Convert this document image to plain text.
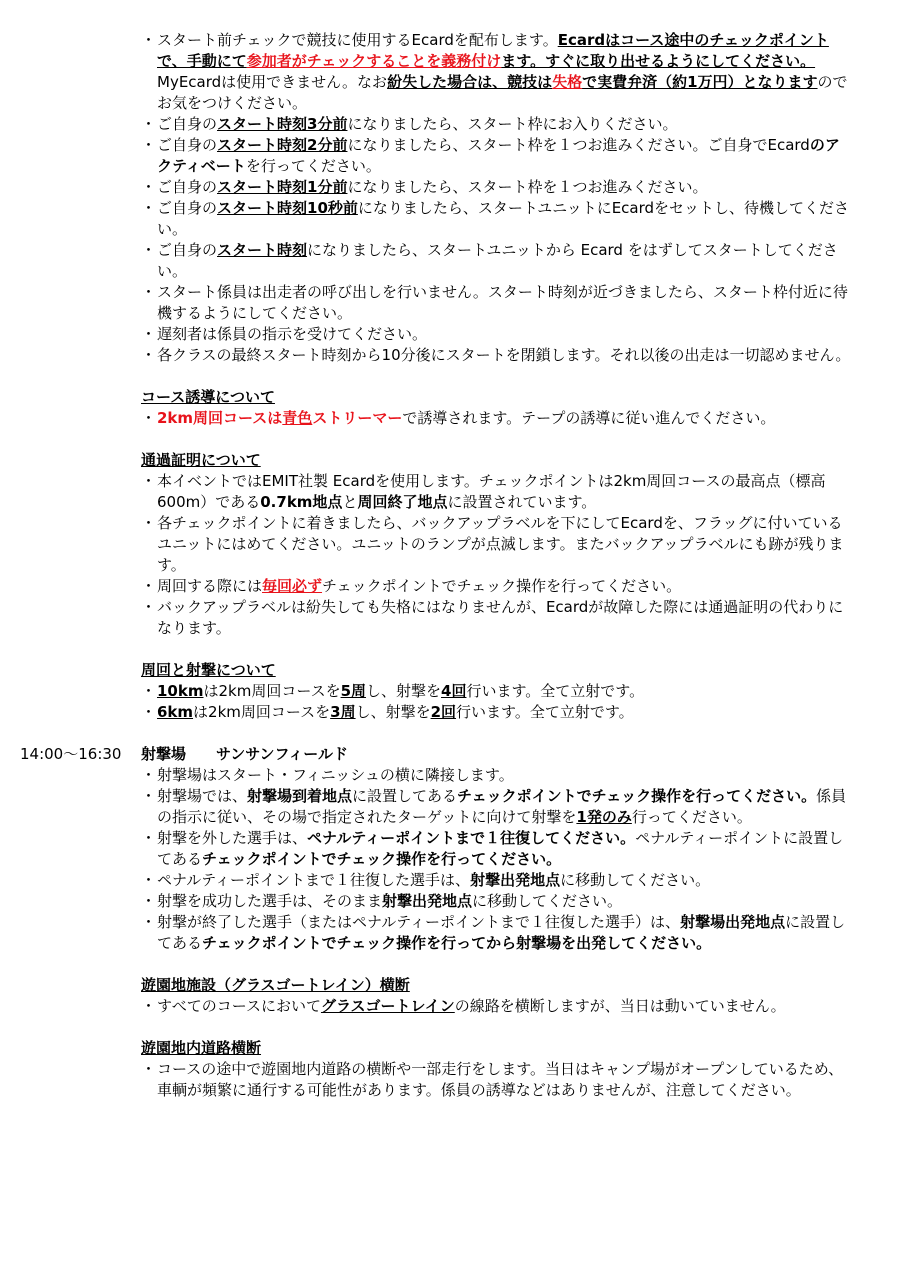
・ スタート前チェックで競技に使用するEcardを配布します。Ecardはコース途中のチェックポイントで、手動にて参加者がチェックすることを義務付けます。すぐに取り出せるようにしてください。MyEcardは使用できません。なお紛失した場合は、競技は失格で実費弁済（約1万円）となりますのでお気をつけください。
・ ご自身のスタート時刻3分前になりましたら、スタート枠にお入りください。
・ ご自身のスタート時刻2分前になりましたら、スタート枠を１つお進みください。ご自身でEcardのアクティベートを行ってください。
・ ご自身のスタート時刻1分前になりましたら、スタート枠を１つお進みください。
・ ご自身のスタート時刻10秒前になりましたら、スタートユニットにEcardをセットし、待機してください。
・ ご自身のスタート時刻になりましたら、スタートユニットから Ecard をはずしてスタートしてください。
・ スタート係員は出走者の呼び出しを行いません。スタート時刻が近づきましたら、スタート枠付近に待機するようにしてください。
・ 遅刻者は係員の指示を受けてください。
・ 各クラスの最終スタート時刻から10分後にスタートを閉鎖します。それ以後の出走は一切認めません。
コース誘導について
・ 2km周回コースは青色ストリーマーで誘導されます。テープの誘導に従い進んでください。
通過証明について
・ 本イベントではEMIT社製 Ecardを使用します。チェックポイントは2km周回コースの最高点（標高600m）である0.7km地点と周回終了地点に設置されています。
・ 各チェックポイントに着きましたら、バックアップラベルを下にしてEcardを、フラッグに付いているユニットにはめてください。ユニットのランプが点滅します。またバックアップラベルにも跡が残ります。
・ 周回する際には毎回必ずチェックポイントでチェック操作を行ってください。
・ バックアップラベルは紛失しても失格にはなりませんが、Ecardが故障した際には通過証明の代わりになります。
周回と射撃について
・ 10kmは2km周回コースを5周し、射撃を4回行います。全て立射です。
・ 6kmは2km周回コースを3周し、射撃を2回行います。全て立射です。
14:00～16:30	射撃場　　サンサンフィールド
・ 射撃場はスタート・フィニッシュの横に隣接します。
・ 射撃場では、射撃場到着地点に設置してあるチェックポイントでチェック操作を行ってください。係員の指示に従い、その場で指定されたターゲットに向けて射撃を1発のみ行ってください。
・ 射撃を外した選手は、ペナルティーポイントまで１往復してください。ペナルティーポイントに設置してあるチェックポイントでチェック操作を行ってください。
・ ペナルティーポイントまで１往復した選手は、射撃出発地点に移動してください。
・ 射撃を成功した選手は、そのまま射撃出発地点に移動してください。
・ 射撃が終了した選手（またはペナルティーポイントまで１往復した選手）は、射撃場出発地点に設置してあるチェックポイントでチェック操作を行ってから射撃場を出発してください。
遊園地施設（グラスゴートレイン）横断
・ すべてのコースにおいてグラスゴートレインの線路を横断しますが、当日は動いていません。
遊園地内道路横断
・ コースの途中で遊園地内道路の横断や一部走行をします。当日はキャンプ場がオープンしているため、車輌が頻繁に通行する可能性があります。係員の誘導などはありませんが、注意してください。
